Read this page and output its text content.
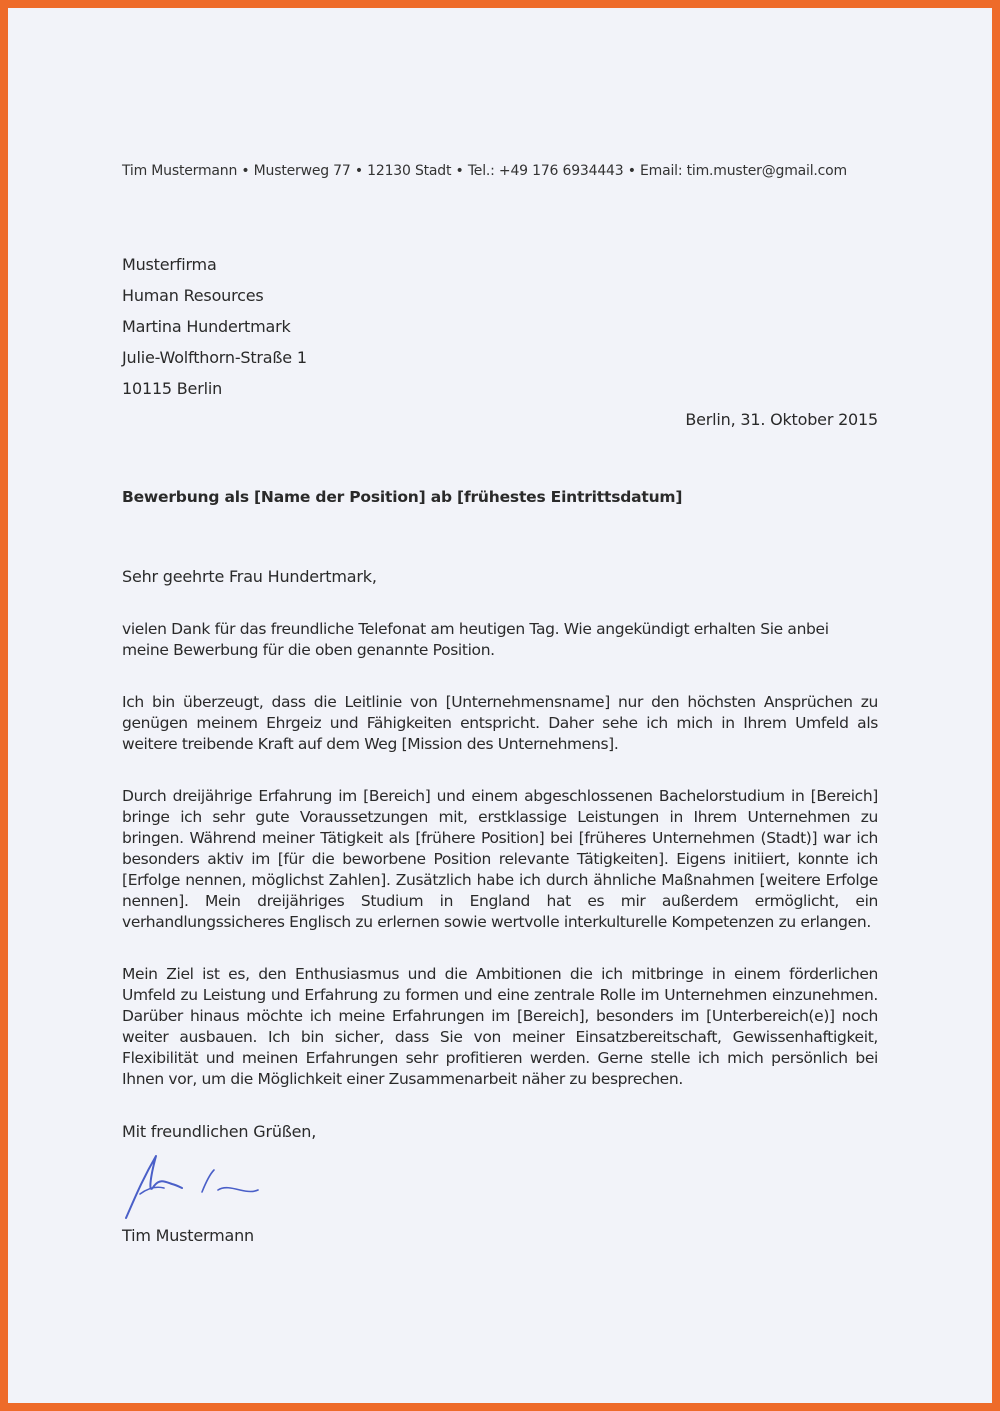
Tim Mustermann • Musterweg 77 • 12130 Stadt • Tel.: +49 176 6934443 • Email: tim.muster@gmail.com
Musterfirma
Human Resources
Martina Hundertmark
Julie-Wolfthorn-Straße 1
10115 Berlin
Berlin, 31. Oktober 2015
Bewerbung als [Name der Position] ab [frühestes Eintrittsdatum]
Sehr geehrte Frau Hundertmark,
vielen Dank für das freundliche Telefonat am heutigen Tag. Wie angekündigt erhalten Sie anbei meine Bewerbung für die oben genannte Position.
Ich bin überzeugt, dass die Leitlinie von [Unternehmensname] nur den höchsten Ansprüchen zu genügen meinem Ehrgeiz und Fähigkeiten entspricht. Daher sehe ich mich in Ihrem Umfeld als weitere treibende Kraft auf dem Weg [Mission des Unternehmens].
Durch dreijährige Erfahrung im [Bereich] und einem abgeschlossenen Bachelorstudium in [Bereich] bringe ich sehr gute Voraussetzungen mit, erstklassige Leistungen in Ihrem Unternehmen zu bringen. Während meiner Tätigkeit als [frühere Position] bei [früheres Unternehmen (Stadt)] war ich besonders aktiv im [für die beworbene Position relevante Tätigkeiten]. Eigens initiiert, konnte ich [Erfolge nennen, möglichst Zahlen]. Zusätzlich habe ich durch ähnliche Maßnahmen [weitere Erfolge nennen]. Mein dreijähriges Studium in England hat es mir außerdem ermöglicht, ein verhandlungssicheres Englisch zu erlernen sowie wertvolle interkulturelle Kompetenzen zu erlangen.
Mein Ziel ist es, den Enthusiasmus und die Ambitionen die ich mitbringe in einem förderlichen Umfeld zu Leistung und Erfahrung zu formen und eine zentrale Rolle im Unternehmen einzunehmen. Darüber hinaus möchte ich meine Erfahrungen im [Bereich], besonders im [Unterbereich(e)] noch weiter ausbauen. Ich bin sicher, dass Sie von meiner Einsatzbereitschaft, Gewissenhaftigkeit, Flexibilität und meinen Erfahrungen sehr profitieren werden. Gerne stelle ich mich persönlich bei Ihnen vor, um die Möglichkeit einer Zusammenarbeit näher zu besprechen.
Mit freundlichen Grüßen,
Tim Mustermann
